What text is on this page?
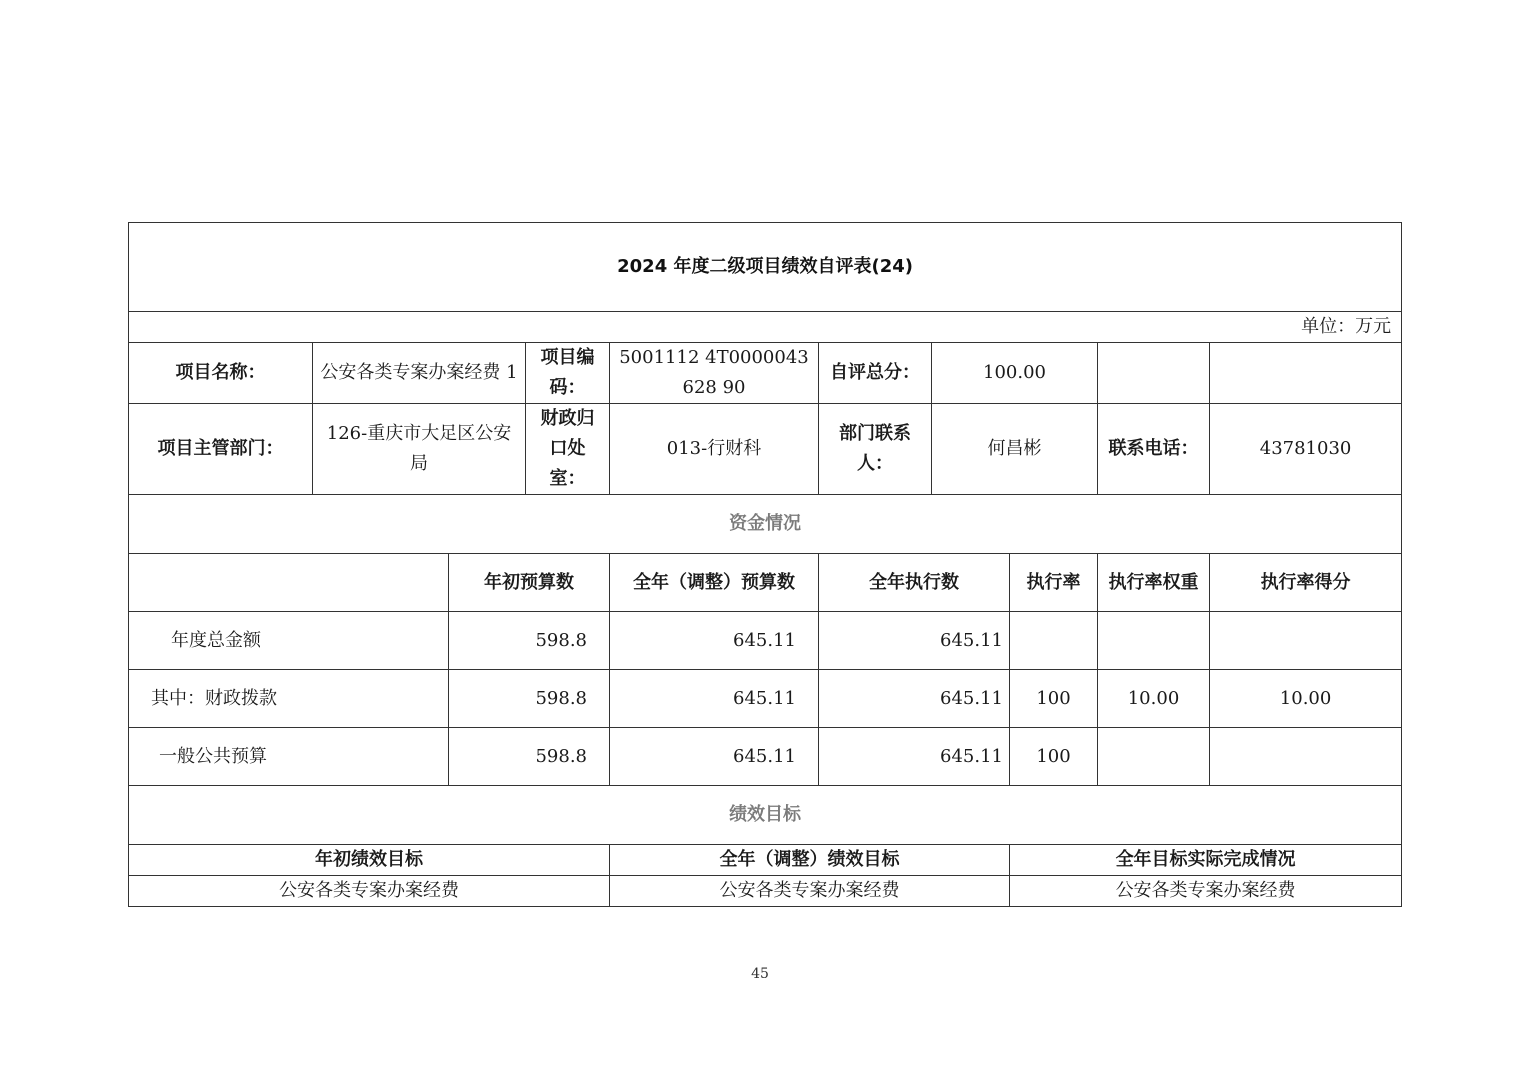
2024 年度二级项目绩效自评表(24)									
单位：万元									
项目名称：	公安各类专案办案经费 1		项目编码：	5001112 4T0000043628 90	自评总分：	100.00			
项目主管部门：	126-重庆市大足区公安局		财政归口处室：	013-行财科	部门联系人：	何昌彬		联系电话：	43781030
资金情况									
		年初预算数		全年（调整）预算数	全年执行数		执行率	执行率权重	执行率得分
年度总金额		598.8		645.11	645.11				
其中：财政拨款		598.8		645.11	645.11		100	10.00	10.00
一般公共预算		598.8		645.11	645.11		100		
绩效目标									
年初绩效目标				全年（调整）绩效目标			全年目标实际完成情况		
公安各类专案办案经费				公安各类专案办案经费			公安各类专案办案经费		
45
